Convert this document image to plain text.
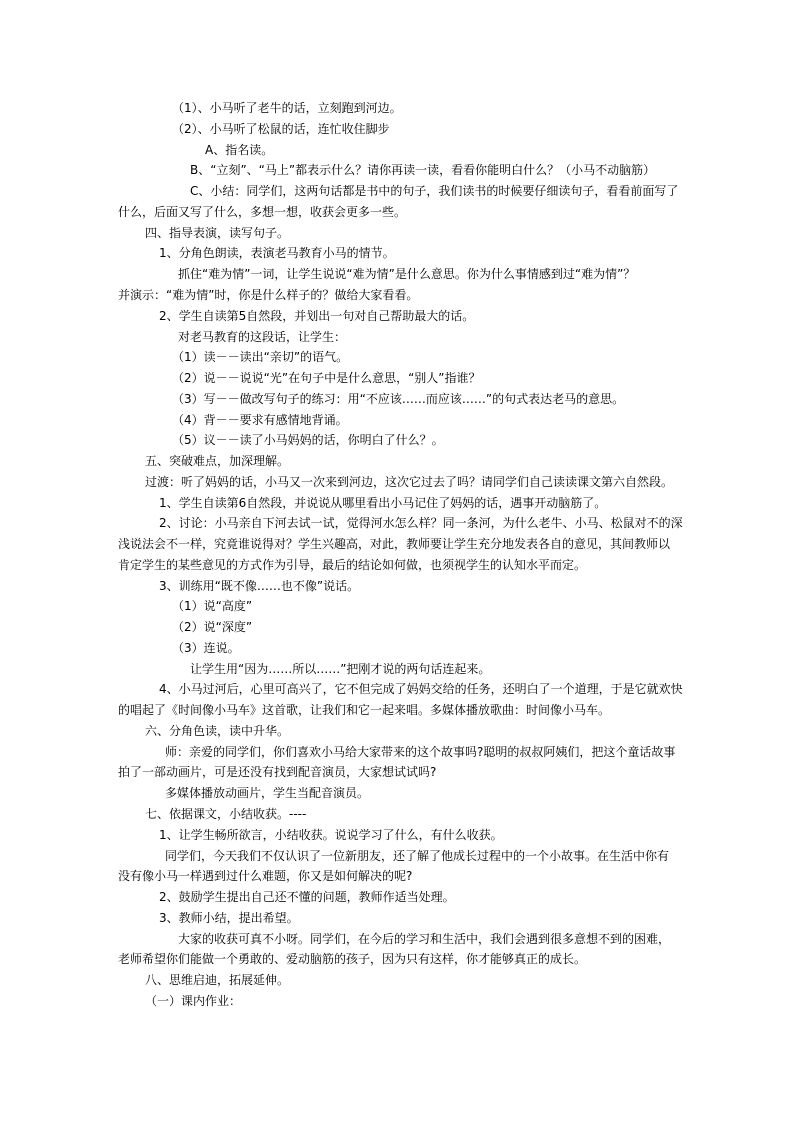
（1）、小马听了老牛的话，立刻跑到河边。
（2）、小马听了松鼠的话，连忙收住脚步
A、指名读。
B、“立刻”、“马上”都表示什么？请你再读一读，看看你能明白什么？（小马不动脑筋）
C、小结：同学们，这两句话都是书中的句子，我们读书的时候要仔细读句子，看看前面写了
什么，后面又写了什么，多想一想，收获会更多一些。
四、指导表演，读写句子。
1、分角色朗读，表演老马教育小马的情节。
抓住“难为情”一词，让学生说说“难为情”是什么意思。你为什么事情感到过“难为情”？
并演示：“难为情”时，你是什么样子的？做给大家看看。
2、学生自读第5自然段，并划出一句对自己帮助最大的话。
对老马教育的这段话，让学生：
（1）读－－读出“亲切”的语气。
（2）说－－说说“光”在句子中是什么意思，“别人”指谁？
（3）写－－做改写句子的练习：用“不应该……而应该……”的句式表达老马的意思。
（4）背－－要求有感情地背诵。
（5）议－－读了小马妈妈的话，你明白了什么？。
五、突破难点，加深理解。
过渡：听了妈妈的话，小马又一次来到河边，这次它过去了吗？请同学们自己读读课文第六自然段。
1、学生自读第6自然段，并说说从哪里看出小马记住了妈妈的话，遇事开动脑筋了。
2、讨论：小马亲自下河去试一试，觉得河水怎么样？同一条河，为什么老牛、小马、松鼠对不的深
浅说法会不一样，究竟谁说得对？学生兴趣高，对此，教师要让学生充分地发表各自的意见，其间教师以
肯定学生的某些意见的方式作为引导，最后的结论如何做，也须视学生的认知水平而定。
3、训练用“既不像……也不像”说话。
（1）说“高度”
（2）说“深度”
（3）连说。
让学生用“因为……所以……”把刚才说的两句话连起来。
4、小马过河后，心里可高兴了，它不但完成了妈妈交给的任务，还明白了一个道理，于是它就欢快
的唱起了《时间像小马车》这首歌，让我们和它一起来唱。多媒体播放歌曲：时间像小马车。
六、分角色读，读中升华。
师：亲爱的同学们，你们喜欢小马给大家带来的这个故事吗?聪明的叔叔阿姨们，把这个童话故事
拍了一部动画片，可是还没有找到配音演员，大家想试试吗?
多媒体播放动画片，学生当配音演员。
七、依据课文，小结收获。----
1、让学生畅所欲言，小结收获。说说学习了什么，有什么收获。
同学们，今天我们不仅认识了一位新朋友，还了解了他成长过程中的一个小故事。在生活中你有
没有像小马一样遇到过什么难题，你又是如何解决的呢?
2、鼓励学生提出自己还不懂的问题，教师作适当处理。
3、教师小结，提出希望。
大家的收获可真不小呀。同学们，在今后的学习和生活中，我们会遇到很多意想不到的困难，
老师希望你们能做一个勇敢的、爱动脑筋的孩子，因为只有这样，你才能够真正的成长。
八、思维启迪，拓展延伸。
（一）课内作业：
